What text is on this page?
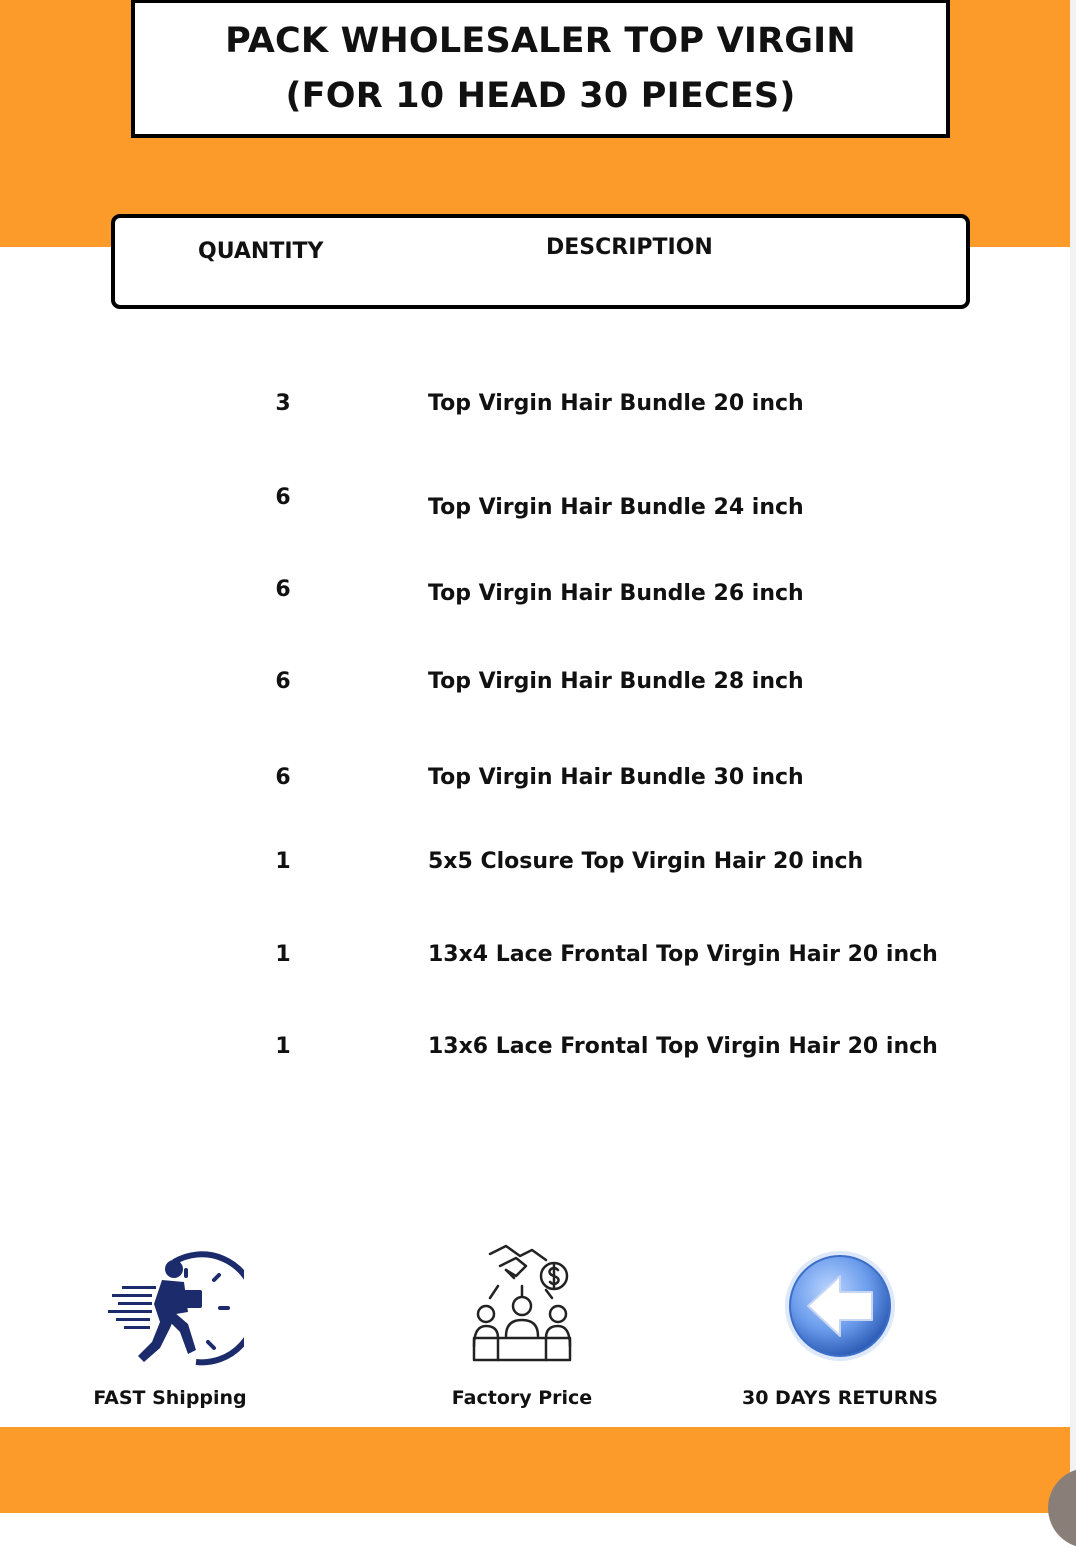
PACK WHOLESALER TOP VIRGIN
(FOR 10 HEAD 30 PIECES)
QUANTITY	DESCRIPTION
3	Top Virgin Hair Bundle 20 inch
6	Top Virgin Hair Bundle 24 inch
6	Top Virgin Hair Bundle 26 inch
6	Top Virgin Hair Bundle 28 inch
6	Top Virgin Hair Bundle 30 inch
1	5x5 Closure Top Virgin Hair 20 inch
1	13x4 Lace Frontal Top Virgin Hair 20 inch
1	13x6 Lace Frontal Top Virgin Hair 20 inch
FAST Shipping	Factory Price	30 DAYS RETURNS
